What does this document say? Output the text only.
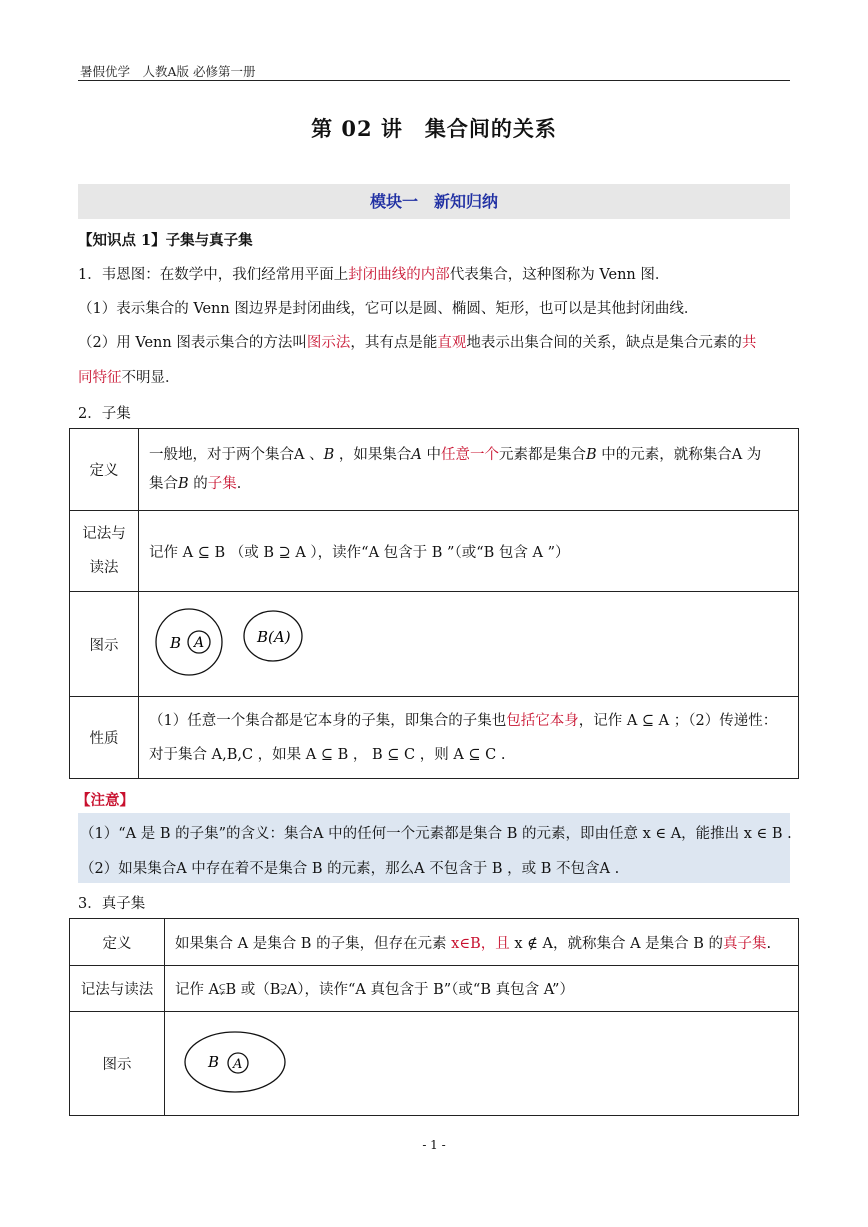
暑假优学　人教A版 必修第一册
第 02 讲　集合间的关系
模块一　新知归纳
【知识点 1】子集与真子集
1．韦恩图：在数学中，我们经常用平面上封闭曲线的内部代表集合，这种图称为 Venn 图．
（1）表示集合的 Venn 图边界是封闭曲线，它可以是圆、椭圆、矩形，也可以是其他封闭曲线．
（2）用 Venn 图表示集合的方法叫图示法，其有点是能直观地表示出集合间的关系，缺点是集合元素的共
同特征不明显．
2．子集
定义	一般地，对于两个集合A 、B ，如果集合A 中任意一个元素都是集合B 中的元素，就称集合A 为
集合B 的子集．
记法与
读法	记作 A ⊆ B （或 B ⊇ A ），读作“A 包含于 B ”（或“B 包含 A ”）
图示	B A B(A)

性质	（1）任意一个集合都是它本身的子集，即集合的子集也包括它本身，记作 A ⊆ A ；（2）传递性：
对于集合 A,B,C ，如果 A ⊆ B ， B ⊆ C ，则 A ⊆ C .
【注意】
（1）“A 是 B 的子集”的含义：集合A 中的任何一个元素都是集合 B 的元素，即由任意 x ∈ A，能推出 x ∈ B .
（2）如果集合A 中存在着不是集合 B 的元素，那么A 不包含于 B ，或 B 不包含A .
3．真子集
定义	如果集合 A 是集合 B 的子集，但存在元素 x∈B，且 x ∉ A，就称集合 A 是集合 B 的真子集.
记法与读法	记作 A⫋B 或（B⫌A），读作“A 真包含于 B”（或“B 真包含 A”）
图示	B A
- 1 -
